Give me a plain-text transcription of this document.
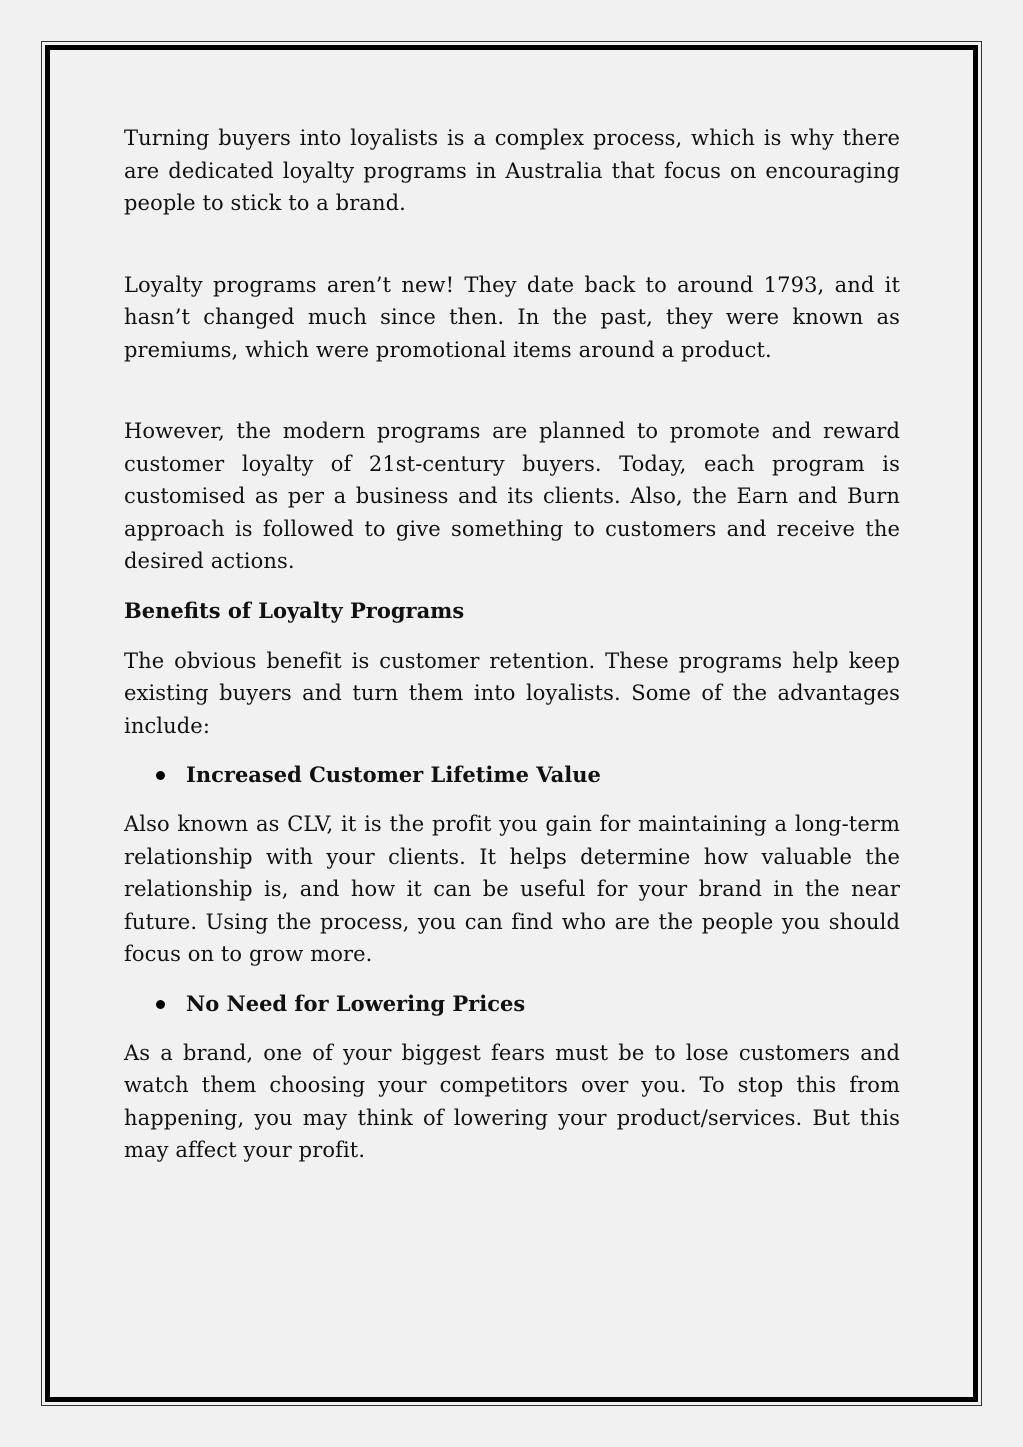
Turning buyers into loyalists is a complex process, which is why there are dedicated loyalty programs in Australia that focus on encouraging people to stick to a brand.

Loyalty programs aren’t new! They date back to around 1793, and it hasn’t changed much since then. In the past, they were known as premiums, which were promotional items around a product.

However, the modern programs are planned to promote and reward customer loyalty of 21st-century buyers. Today, each program is customised as per a business and its clients. Also, the Earn and Burn approach is followed to give something to customers and receive the desired actions.

Benefits of Loyalty Programs

The obvious benefit is customer retention. These programs help keep existing buyers and turn them into loyalists. Some of the advantages include:

Increased Customer Lifetime Value

Also known as CLV, it is the profit you gain for maintaining a long-term relationship with your clients. It helps determine how valuable the relationship is, and how it can be useful for your brand in the near future. Using the process, you can find who are the people you should focus on to grow more.

No Need for Lowering Prices

As a brand, one of your biggest fears must be to lose customers and watch them choosing your competitors over you. To stop this from happening, you may think of lowering your product/services. But this may affect your profit.
